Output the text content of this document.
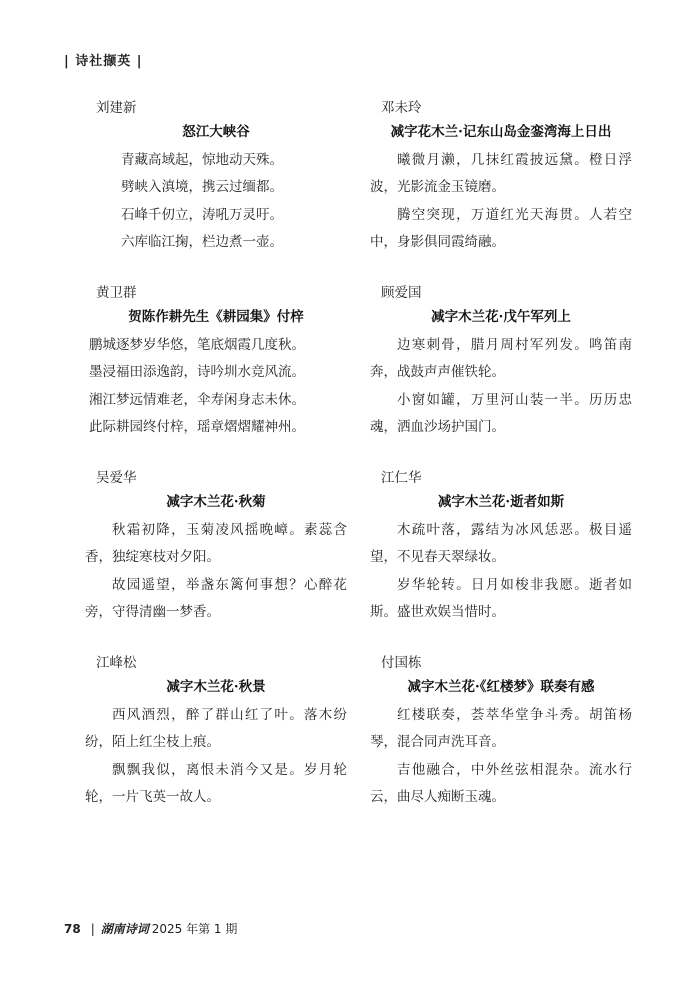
| 诗社撷英 |
刘建新
怒江大峡谷
青藏高域起，惊地动天殊。
劈峡入滇境，携云过缅都。
石峰千仞立，涛吼万灵吁。
六库临江掬，栏边煮一壶。
黄卫群
贺陈作耕先生《耕园集》付梓
鹏城逐梦岁华悠，笔底烟霞几度秋。
墨浸福田添逸韵，诗吟圳水竞风流。
湘江梦远情难老，伞寿闲身志未休。
此际耕园终付梓，瑶章熠熠耀神州。
吴爱华
减字木兰花·秋菊
秋霜初降，玉菊凌风摇晚嶂。素蕊含香，独绽寒枝对夕阳。
故园遥望，举盏东篱何事想？心醉花旁，守得清幽一梦香。
江峰松
减字木兰花·秋景
西风酒烈，醉了群山红了叶。落木纷纷，陌上红尘枝上痕。
飘飘我似，离恨未消今又是。岁月轮轮，一片飞英一故人。
邓未玲
减字花木兰·记东山岛金銮湾海上日出
曦微月濑，几抹红霞披远黛。橙日浮波，光影流金玉镜磨。
腾空突现，万道红光天海贯。人若空中，身影俱同霞绮融。
顾爱国
减字木兰花·戊午军列上
边寒刺骨，腊月周村军列发。鸣笛南奔，战鼓声声催铁轮。
小窗如罐，万里河山装一半。历历忠魂，洒血沙场护国门。
江仁华
减字木兰花·逝者如斯
木疏叶落，露结为冰风恁恶。极目遥望，不见春天翠绿妆。
岁华轮转。日月如梭非我愿。逝者如斯。盛世欢娱当惜时。
付国栋
减字木兰花·《红楼梦》联奏有感
红楼联奏，荟萃华堂争斗秀。胡笛杨琴，混合同声洗耳音。
吉他融合，中外丝弦相混杂。流水行云，曲尽人痴断玉魂。
78 | 湖南诗词 2025 年第 1 期
